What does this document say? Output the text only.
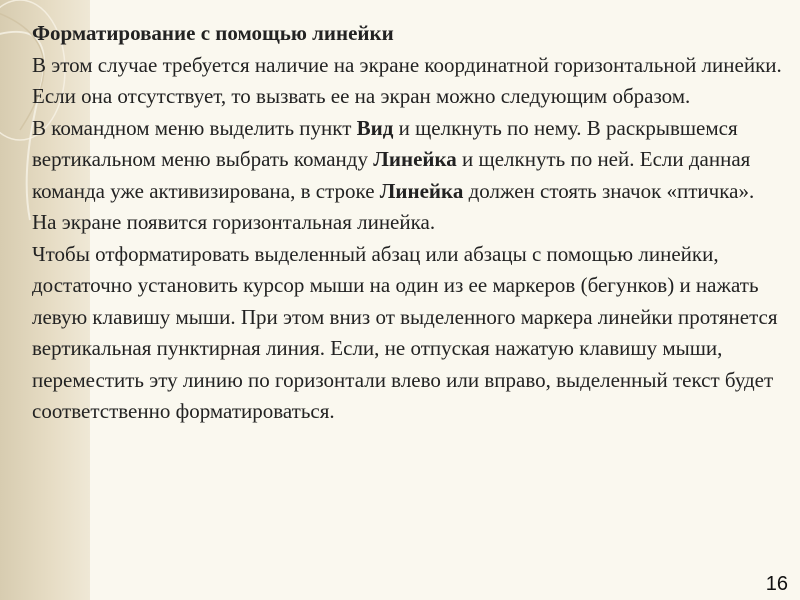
Форматирование с помощью линейки

В этом случае требуется наличие на экране координатной горизонтальной линейки. Если она отсутствует, то вызвать ее на экран можно следующим образом.

В командном меню выделить пункт Вид и щелкнуть по нему. В раскрывшемся вертикальном меню выбрать команду Линейка и щелкнуть по ней. Если данная команда уже активизирована, в строке Линейка должен стоять значок «птичка». На экране появится горизонтальная линейка.

Чтобы отформатировать выделенный абзац или абзацы с помощью линейки, достаточно установить курсор мыши на один из ее маркеров (бегунков) и нажать левую клавишу мыши. При этом вниз от выделенного маркера линейки протянется вертикальная пунктирная линия. Если, не отпуская нажатую клавишу мыши, переместить эту линию по горизонтали влево или вправо, выделенный текст будет соответственно форматироваться.

16
